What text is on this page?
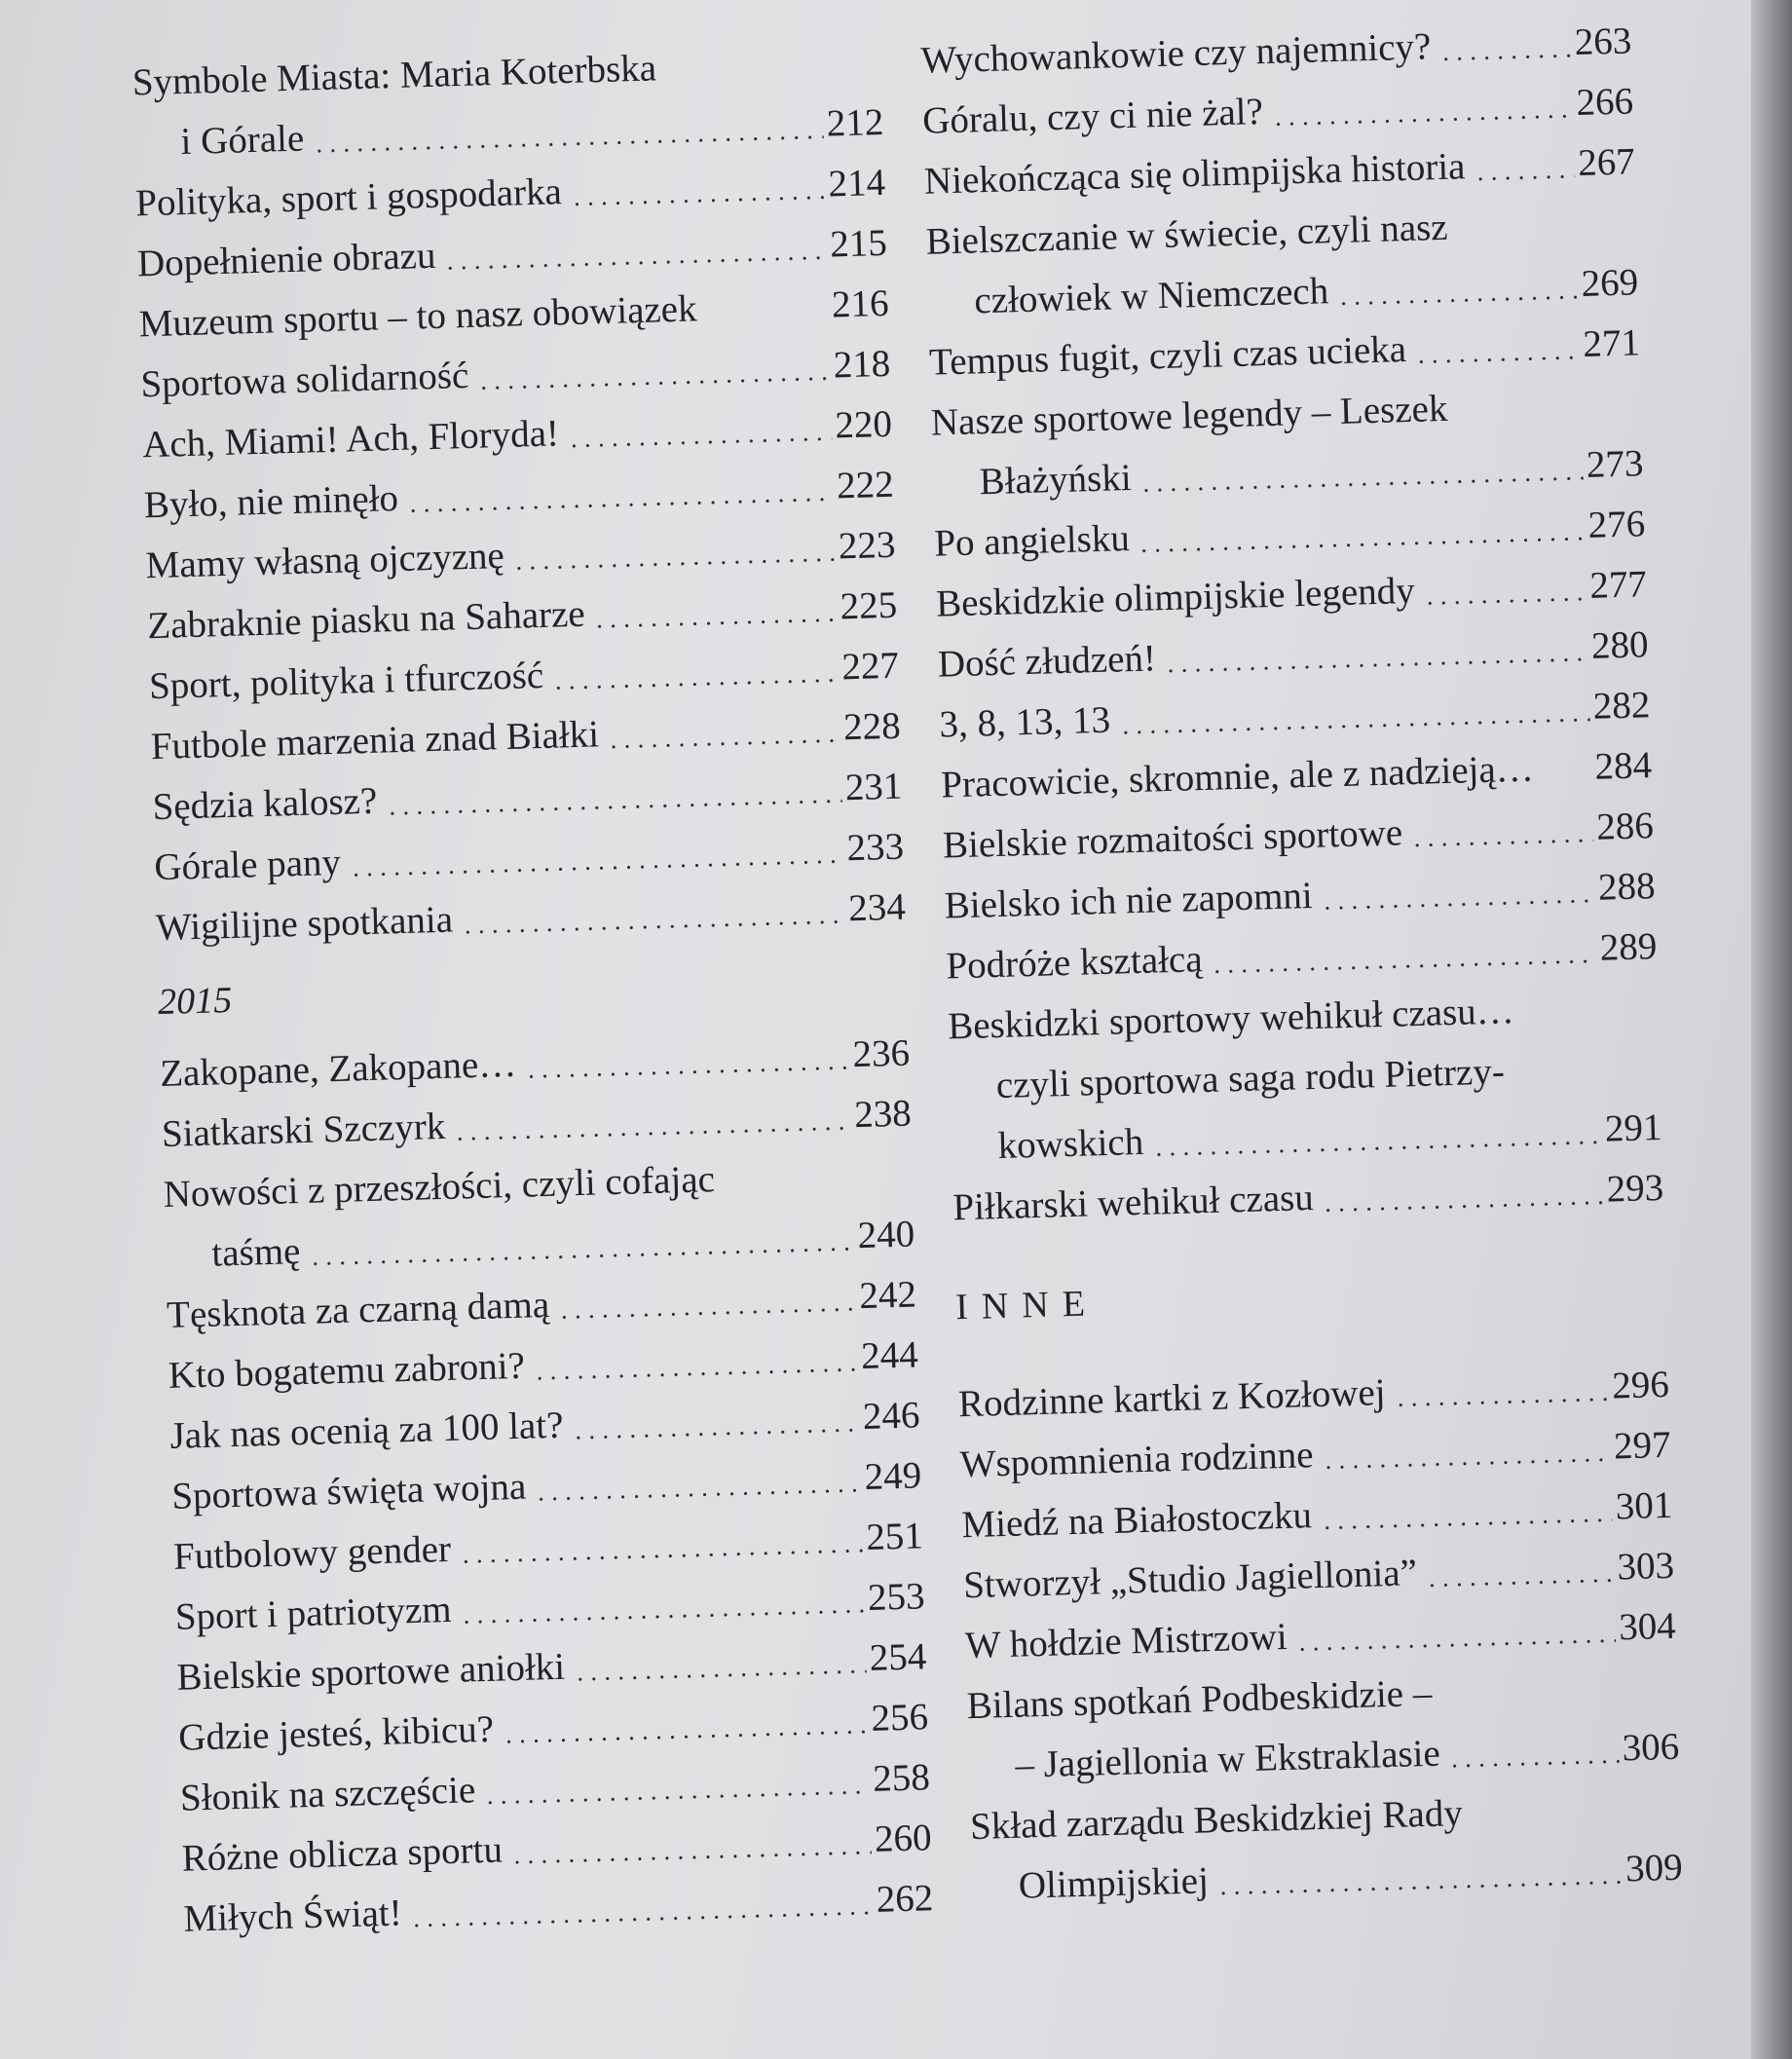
Symbole Miasta: Maria Koterbska
i Górale	212
Polityka, sport i gospodarka	214
Dopełnienie obrazu	215
Muzeum sportu – to nasz obowiązek	216
Sportowa solidarność	218
Ach, Miami! Ach, Floryda!	220
Było, nie minęło	222
Mamy własną ojczyznę	223
Zabraknie piasku na Saharze	225
Sport, polityka i tfurczość	227
Futbole marzenia znad Białki	228
Sędzia kalosz?	231
Górale pany	233
Wigilijne spotkania	234
2015
Zakopane, Zakopane…	236
Siatkarski Szczyrk	238
Nowości z przeszłości, czyli cofając
taśmę	240
Tęsknota za czarną damą	242
Kto bogatemu zabroni?	244
Jak nas ocenią za 100 lat?	246
Sportowa święta wojna	249
Futbolowy gender	251
Sport i patriotyzm	253
Bielskie sportowe aniołki	254
Gdzie jesteś, kibicu?	256
Słonik na szczęście	258
Różne oblicza sportu	260
Miłych Świąt!	262
Wychowankowie czy najemnicy?	263
Góralu, czy ci nie żal?	266
Niekończąca się olimpijska historia	267
Bielszczanie w świecie, czyli nasz
człowiek w Niemczech	269
Tempus fugit, czyli czas ucieka	271
Nasze sportowe legendy – Leszek
Błażyński	273
Po angielsku	276
Beskidzkie olimpijskie legendy	277
Dość złudzeń!	280
3, 8, 13, 13	282
Pracowicie, skromnie, ale z nadzieją… 284
Bielskie rozmaitości sportowe	286
Bielsko ich nie zapomni	288
Podróże kształcą	289
Beskidzki sportowy wehikuł czasu…
czyli sportowa saga rodu Pietrzy-
kowskich	291
Piłkarski wehikuł czasu	293
INNE
Rodzinne kartki z Kozłowej	296
Wspomnienia rodzinne	297
Miedź na Białostoczku	301
Stworzył „Studio Jagiellonia”	303
W hołdzie Mistrzowi	304
Bilans spotkań Podbeskidzie –
– Jagiellonia w Ekstraklasie	306
Skład zarządu Beskidzkiej Rady
Olimpijskiej	309
